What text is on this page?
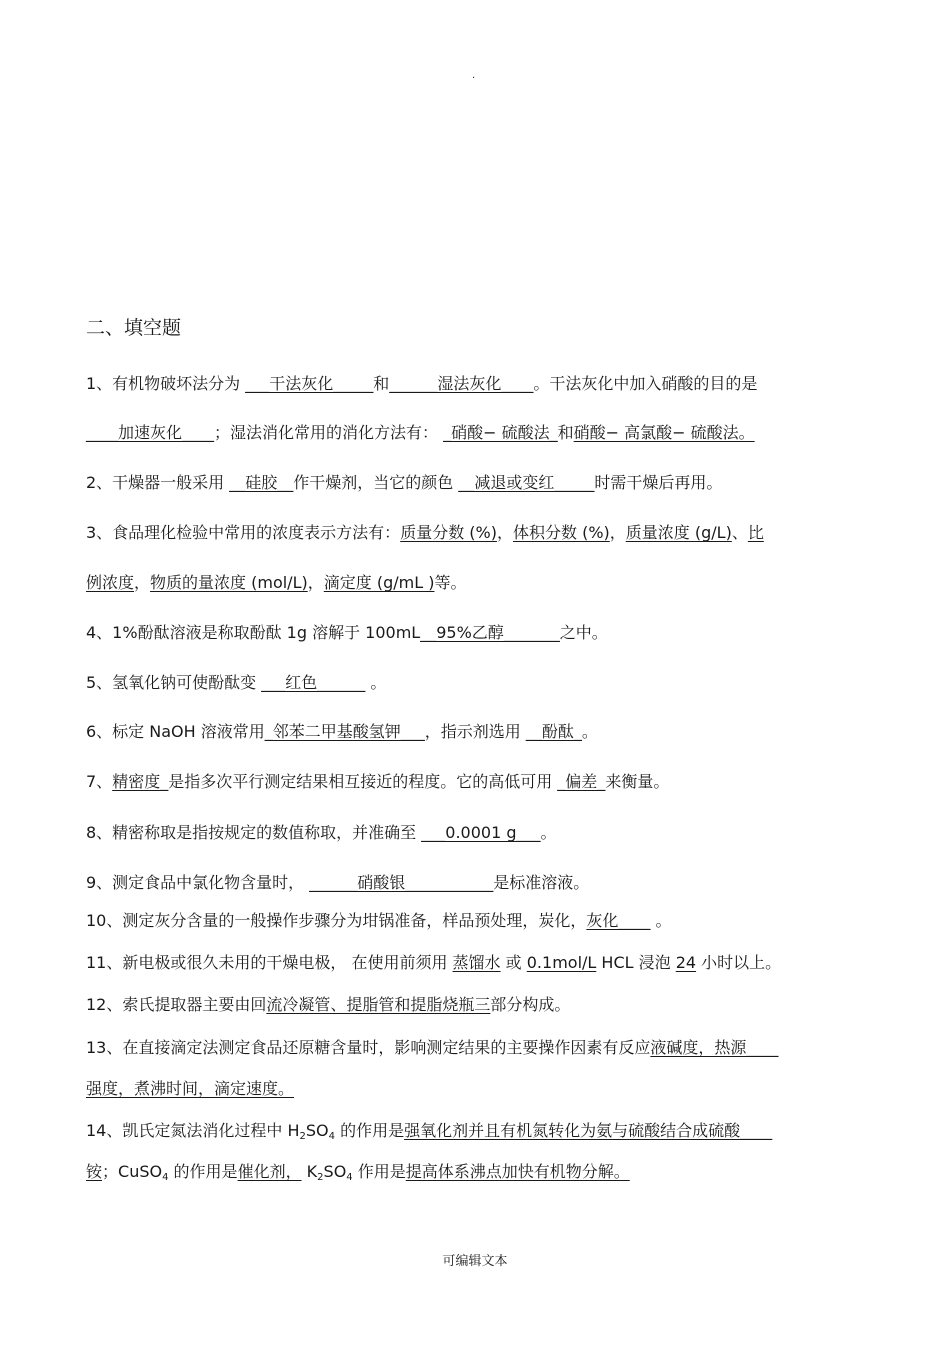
.
二、填空题
1、有机物破坏法分为 ___干法灰化_____和______湿法灰化____。干法灰化中加入硝酸的目的是
____加速灰化____；湿法消化常用的消化方法有： _硝酸− 硫酸法_和硝酸− 高氯酸− 硫酸法。
2、干燥器一般采用 __硅胶__作干燥剂，当它的颜色 __减退或变红_____时需干燥后再用。
3、食品理化检验中常用的浓度表示方法有：质量分数 (%)，体积分数 (%)，质量浓度 (g/L)、比
例浓度，物质的量浓度 (mol/L)，滴定度 (g/mL )等。
4、1%酚酞溶液是称取酚酞 1g 溶解于 100mL__95%乙醇_______之中。
5、氢氧化钠可使酚酞变 ___红色______ 。
6、标定 NaOH 溶液常用_邻苯二甲基酸氢钾___，指示剂选用 __酚酞_。
7、精密度_是指多次平行测定结果相互接近的程度。它的高低可用 _偏差_来衡量。
8、精密称取是指按规定的数值称取，并准确至 ___0.0001 g___。
9、测定食品中氯化物含量时， ______硝酸银___________是标准溶液。
10、测定灰分含量的一般操作步骤分为坩锅准备，样品预处理，炭化，灰化____ 。
11、新电极或很久未用的干燥电极， 在使用前须用 蒸馏水 或 0.1mol/L HCL 浸泡 24 小时以上。
12、索氏提取器主要由回流冷凝管、提脂管和提脂烧瓶三部分构成。
13、在直接滴定法测定食品还原糖含量时，影响测定结果的主要操作因素有反应液碱度，热源____
强度，煮沸时间，滴定速度。
14、凯氏定氮法消化过程中 $H_2SO_4$ 的作用是强氧化剂并且有机氮转化为氨与硫酸结合成硫酸____
铵；CuSO$_4$ 的作用是催化剂， $K_2SO_4$ 作用是提高体系沸点加快有机物分解。
可编辑文本
